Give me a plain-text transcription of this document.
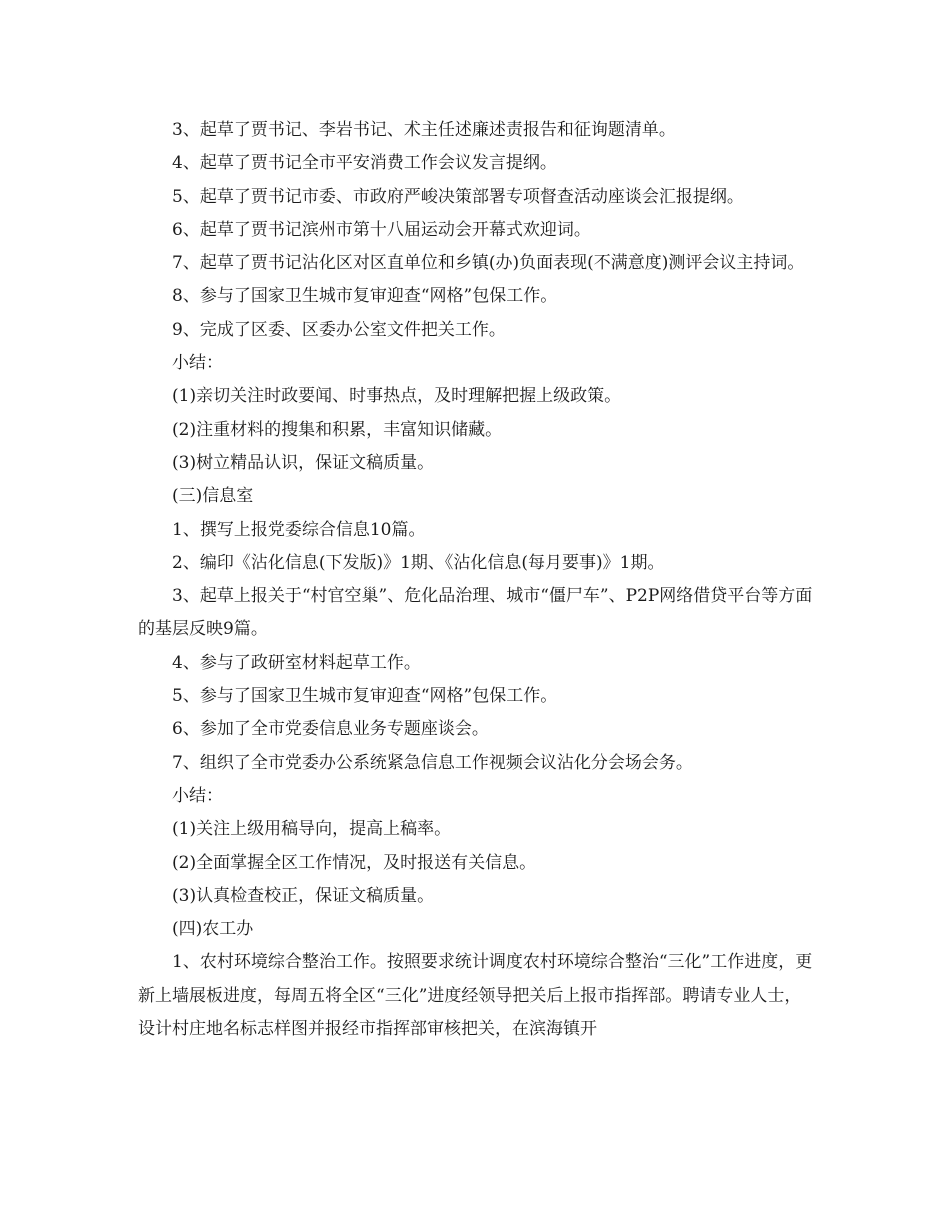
3、起草了贾书记、李岩书记、术主任述廉述责报告和征询题清单。

4、起草了贾书记全市平安消费工作会议发言提纲。

5、起草了贾书记市委、市政府严峻决策部署专项督查活动座谈会汇报提纲。

6、起草了贾书记滨州市第十八届运动会开幕式欢迎词。

7、起草了贾书记沾化区对区直单位和乡镇(办)负面表现(不满意度)测评会议主持词。

8、参与了国家卫生城市复审迎查“网格”包保工作。

9、完成了区委、区委办公室文件把关工作。

小结：

(1)亲切关注时政要闻、时事热点，及时理解把握上级政策。

(2)注重材料的搜集和积累，丰富知识储藏。

(3)树立精品认识，保证文稿质量。

(三)信息室

1、撰写上报党委综合信息10篇。

2、编印《沾化信息(下发版)》1期、《沾化信息(每月要事)》1期。

3、起草上报关于“村官空巢”、危化品治理、城市“僵尸车”、P2P网络借贷平台等方面的基层反映9篇。

4、参与了政研室材料起草工作。

5、参与了国家卫生城市复审迎查“网格”包保工作。

6、参加了全市党委信息业务专题座谈会。

7、组织了全市党委办公系统紧急信息工作视频会议沾化分会场会务。

小结：

(1)关注上级用稿导向，提高上稿率。

(2)全面掌握全区工作情况，及时报送有关信息。

(3)认真检查校正，保证文稿质量。

(四)农工办

1、农村环境综合整治工作。按照要求统计调度农村环境综合整治“三化”工作进度，更新上墙展板进度，每周五将全区“三化”进度经领导把关后上报市指挥部。聘请专业人士，设计村庄地名标志样图并报经市指挥部审核把关，在滨海镇开
